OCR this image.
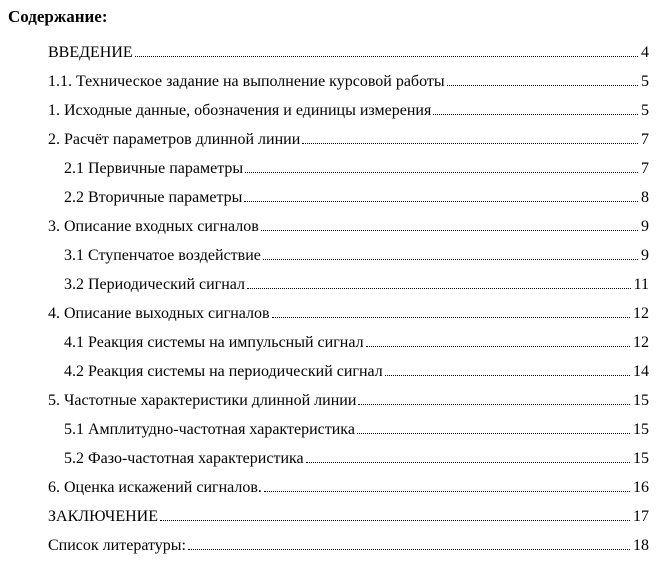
Содержание:
ВВЕДЕНИЕ	4
1.1. Техническое задание на выполнение курсовой работы	5
1. Исходные данные, обозначения и единицы измерения	5
2. Расчёт параметров длинной линии	7
2.1 Первичные параметры	7
2.2 Вторичные параметры	8
3. Описание входных сигналов	9
3.1 Ступенчатое воздействие	9
3.2 Периодический сигнал	11
4. Описание выходных сигналов	12
4.1 Реакция системы на импульсный сигнал	12
4.2 Реакция системы на периодический сигнал	14
5. Частотные характеристики длинной линии	15
5.1 Амплитудно-частотная характеристика	15
5.2 Фазо-частотная характеристика	15
6. Оценка искажений сигналов.	16
ЗАКЛЮЧЕНИЕ	17
Список литературы:	18
